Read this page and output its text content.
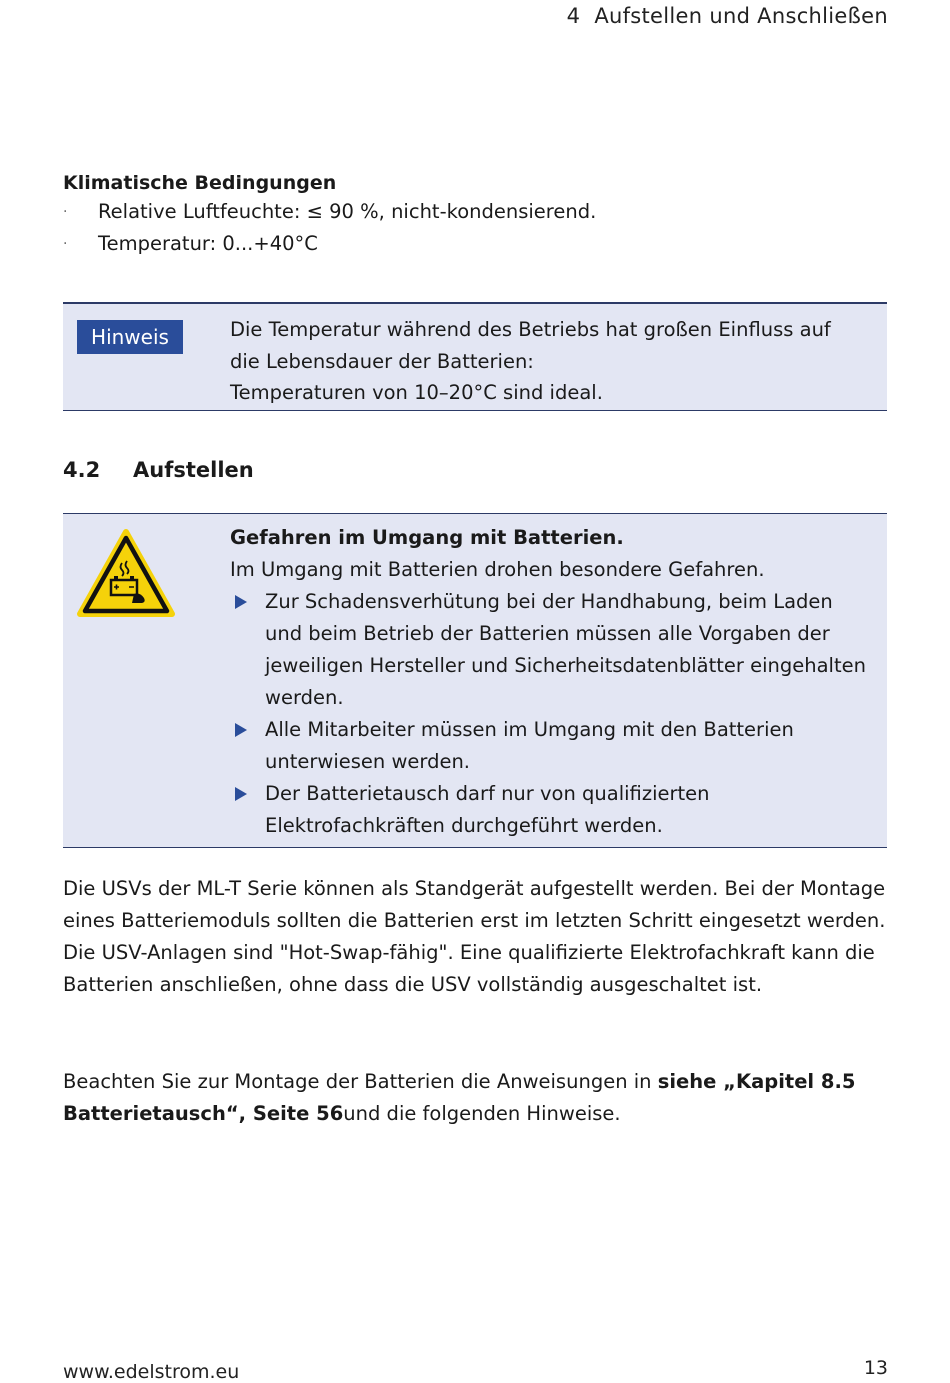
4 Aufstellen und Anschließen
Klimatische Bedingungen
· Relative Luftfeuchte: ≤ 90 %, nicht-kondensierend.
· Temperatur: 0...+40°C
Hinweis	Die Temperatur während des Betriebs hat großen Einfluss auf

die Lebensdauer der Batterien:

Temperaturen von 10–20°C sind ideal.

4.2 Aufstellen

Gefahren im Umgang mit Batterien.

Im Umgang mit Batterien drohen besondere Gefahren.

Zur Schadensverhütung bei der Handhabung, beim Laden und beim Betrieb der Batterien müssen alle Vorgaben der jeweiligen Hersteller und Sicherheitsdatenblätter eingehalten werden.
Alle Mitarbeiter müssen im Umgang mit den Batterien unterwiesen werden.
Der Batterietausch darf nur von qualifizierten Elektrofachkräften durchgeführt werden.

Die USVs der ML-T Serie können als Standgerät aufgestellt werden. Bei der Montage eines Batteriemoduls sollten die Batterien erst im letzten Schritt eingesetzt werden. Die USV-Anlagen sind "Hot-Swap-fähig". Eine qualifizierte Elektrofachkraft kann die Batterien anschließen, ohne dass die USV vollständig ausgeschaltet ist.

Beachten Sie zur Montage der Batterien die Anweisungen in siehe „Kapitel 8.5 Batterietausch“, Seite 56und die folgenden Hinweise.

www.edelstrom.eu	13
